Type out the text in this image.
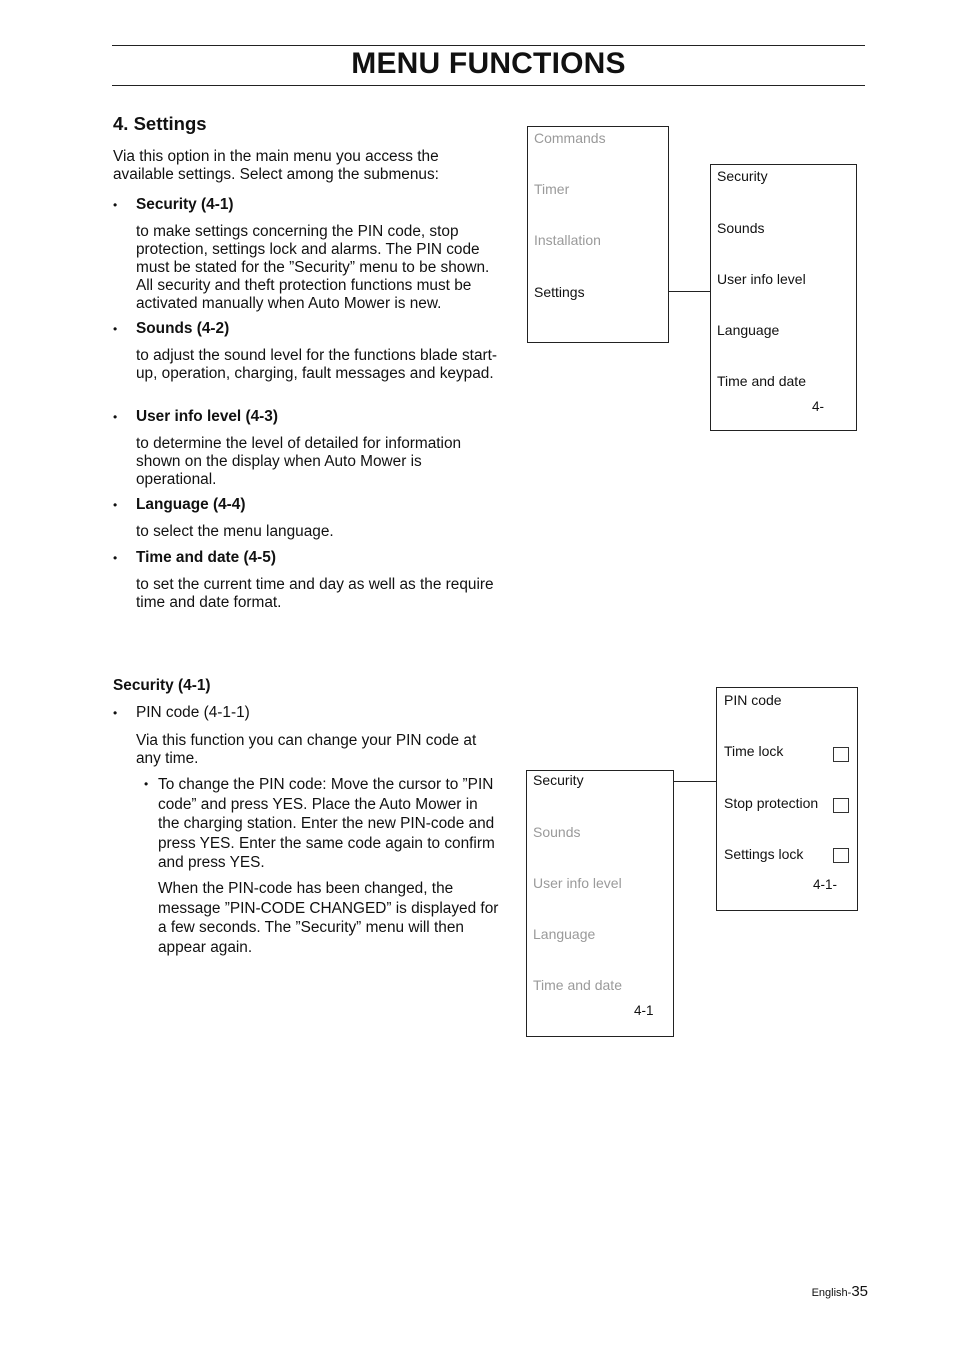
MENU FUNCTIONS
4. Settings
Via this option in the main menu you access the available settings. Select among the submenus:
• Security (4-1)
to make settings concerning the PIN code, stop protection, settings lock and alarms. The PIN code must be stated for the ”Security” menu to be shown. All security and theft protection functions must be activated manually when Auto Mower is new.
• Sounds (4-2)
to adjust the sound level for the functions blade start-up, operation, charging, fault messages and keypad.
• User info level (4-3)
to determine the level of detailed for information shown on the display when Auto Mower is operational.
• Language (4-4)
to select the menu language.
• Time and date (4-5)
to set the current time and day as well as the require time and date format.
Security (4-1)
• PIN code (4-1-1)
Via this function you can change your PIN code at any time.
• To change the PIN code: Move the cursor to ”PIN code” and press YES. Place the Auto Mower in the charging station. Enter the new PIN-code and press YES. Enter the same code again to confirm and press YES.
When the PIN-code has been changed, the message ”PIN-CODE CHANGED” is displayed for a few seconds. The ”Security” menu will then appear again.
Commands
Timer
Installation
Settings
Security
Sounds
User info level
Language
Time and date
4-
Security
Sounds
User info level
Language
Time and date
4-1
PIN code
Time lock
Stop protection
Settings lock
4-1-
English-35
